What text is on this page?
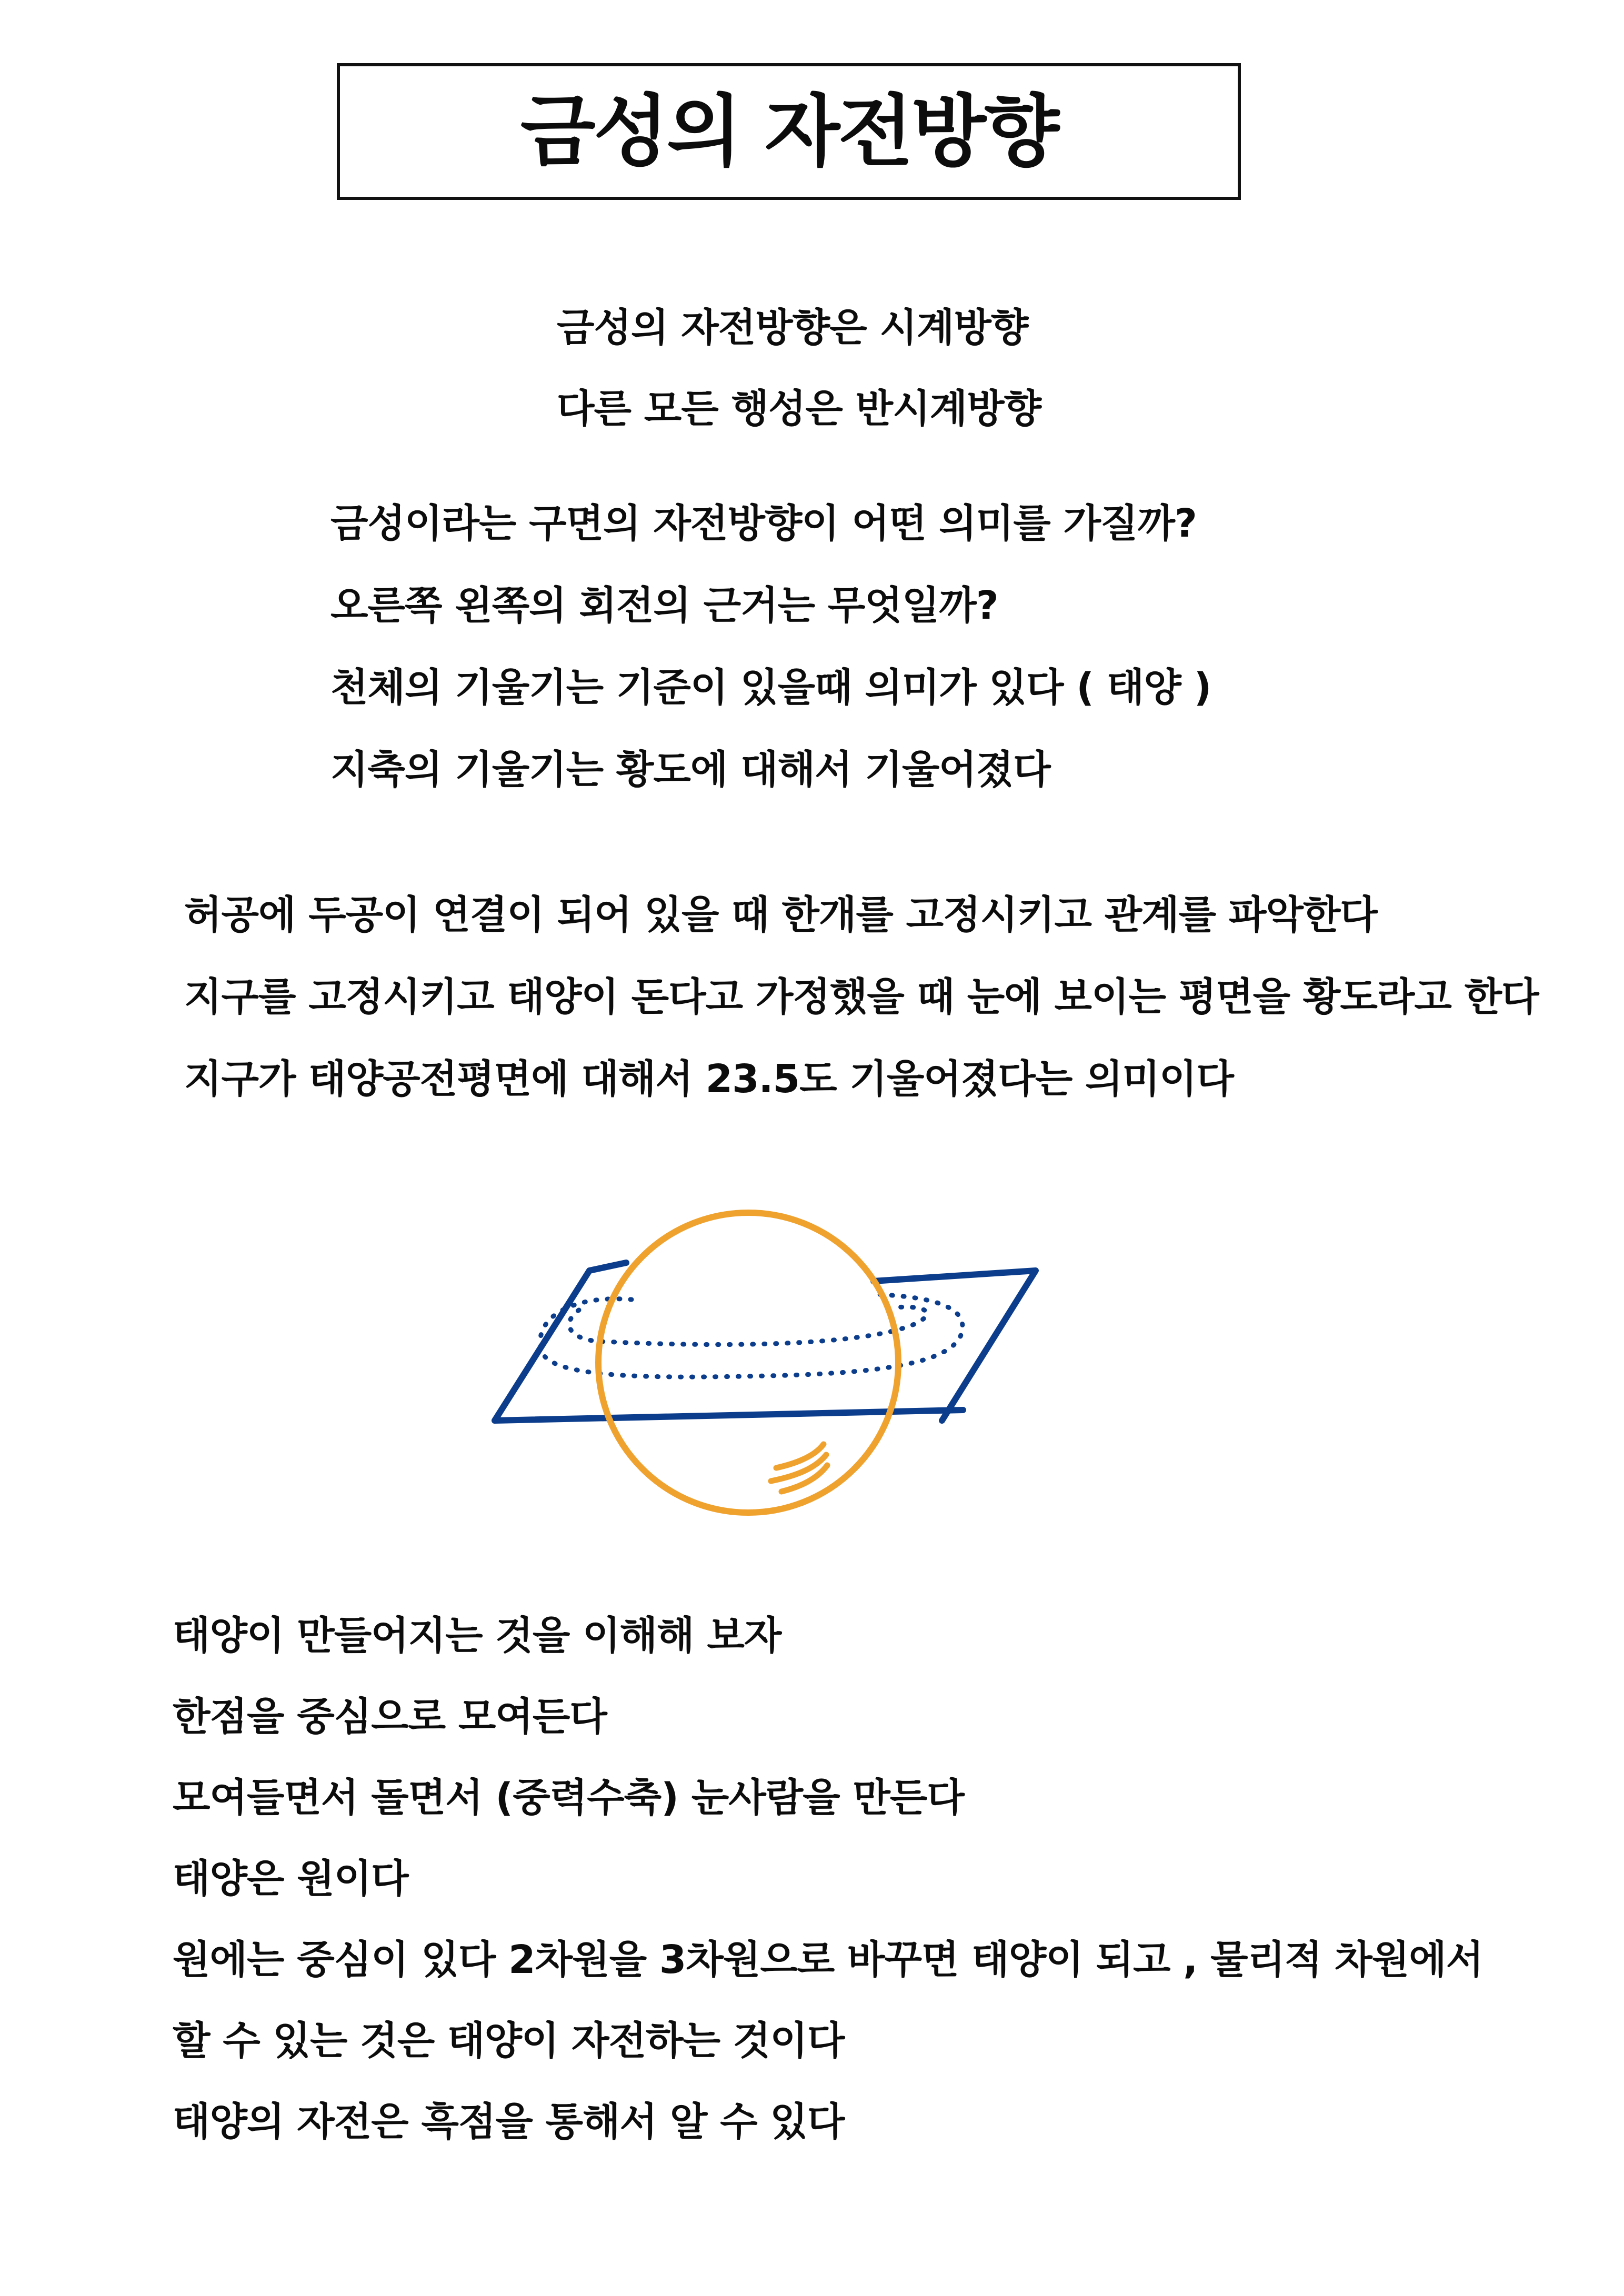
금성의 자전방향
금성의 자전방향은 시계방향
다른 모든 행성은 반시계방향
금성이라는 구면의 자전방향이 어떤 의미를 가질까?
오른쪽 왼쪽의 회전의 근거는 무엇일까?
천체의 기울기는 기준이 있을때 의미가 있다 ( 태양 )
지축의 기울기는 황도에 대해서 기울어졌다
허공에 두공이 연결이 되어 있을 때 한개를 고정시키고 관계를 파악한다
지구를 고정시키고 태양이 돈다고 가정했을 때 눈에 보이는 평면을 황도라고 한다
지구가 태양공전평면에 대해서 23.5도 기울어졌다는 의미이다
태양이 만들어지는 것을 이해해 보자
한점을 중심으로 모여든다
모여들면서 돌면서 (중력수축) 눈사람을 만든다
태양은 원이다
원에는 중심이 있다 2차원을 3차원으로 바꾸면 태양이 되고 , 물리적 차원에서
할 수 있는 것은 태양이 자전하는 것이다
태양의 자전은 흑점을 통해서 알 수 있다
